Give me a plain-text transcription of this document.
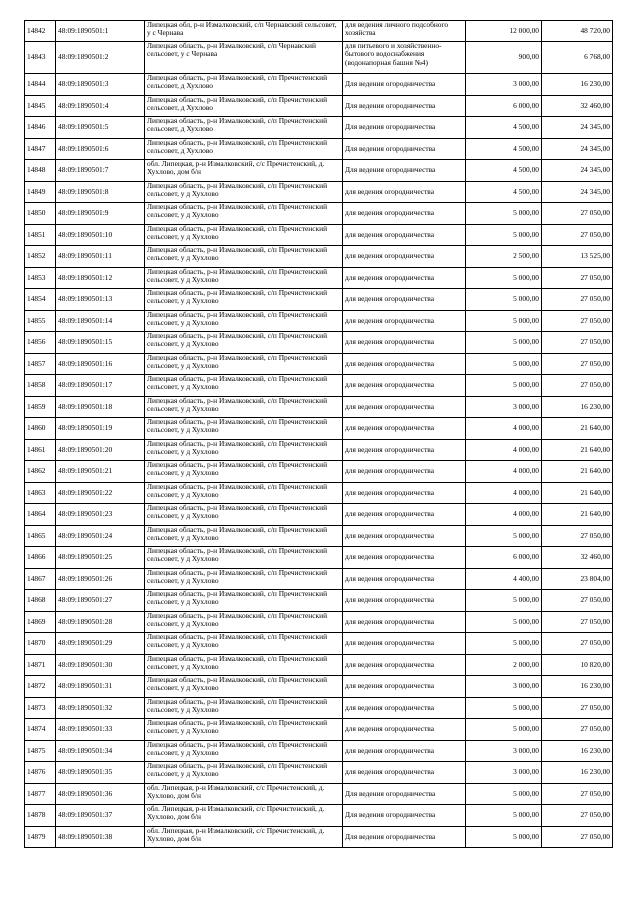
14842	48:09:1890501:1	Липецкая обл, р-н Измалковский, с/п Чернавский сельсовет, у с Чернава	для ведения личного подсобного хозяйства	12 000,00	48 720,00
14843	48:09:1890501:2	Липецкая область, р-н Измалковский, с/п Чернавский сельсовет, у с Чернава	для питьевого и хозяйственно-бытового водоснабжения (водонапорная башня №4)	900,00	6 768,00
14844	48:09:1890501:3	Липецкая область, р-н Измалковский, с/п Пречистенский сельсовет, д Хухлово	Для ведения огородничества	3 000,00	16 230,00
14845	48:09:1890501:4	Липецкая область, р-н Измалковский, с/п Пречистенский сельсовет, д Хухлово	Для ведения огородничества	6 000,00	32 460,00
14846	48:09:1890501:5	Липецкая область, р-н Измалковский, с/п Пречистенский сельсовет, д Хухлово	Для ведения огородничества	4 500,00	24 345,00
14847	48:09:1890501:6	Липецкая область, р-н Измалковский, с/п Пречистенский сельсовет, д Хухлово	Для ведения огородничества	4 500,00	24 345,00
14848	48:09:1890501:7	обл. Липецкая, р-н Измалковский, с/с Пречистенский, д. Хухлово, дом б/н	Для ведения огородничества	4 500,00	24 345,00
14849	48:09:1890501:8	Липецкая область, р-н Измалковский, с/п Пречистенский сельсовет, у д Хухлово	для ведения огородничества	4 500,00	24 345,00
14850	48:09:1890501:9	Липецкая область, р-н Измалковский, с/п Пречистенский сельсовет, у д Хухлово	для ведения огородничества	5 000,00	27 050,00
14851	48:09:1890501:10	Липецкая область, р-н Измалковский, с/п Пречистенский сельсовет, у д Хухлово	для ведения огородничества	5 000,00	27 050,00
14852	48:09:1890501:11	Липецкая область, р-н Измалковский, с/п Пречистенский сельсовет, у д Хухлово	для ведения огородничества	2 500,00	13 525,00
14853	48:09:1890501:12	Липецкая область, р-н Измалковский, с/п Пречистенский сельсовет, у д Хухлово	для ведения огородничества	5 000,00	27 050,00
14854	48:09:1890501:13	Липецкая область, р-н Измалковский, с/п Пречистенский сельсовет, у д Хухлово	для ведения огородничества	5 000,00	27 050,00
14855	48:09:1890501:14	Липецкая область, р-н Измалковский, с/п Пречистенский сельсовет, у д Хухлово	для ведения огородничества	5 000,00	27 050,00
14856	48:09:1890501:15	Липецкая область, р-н Измалковский, с/п Пречистенский сельсовет, у д Хухлово	для ведения огородничества	5 000,00	27 050,00
14857	48:09:1890501:16	Липецкая область, р-н Измалковский, с/п Пречистенский сельсовет, у д Хухлово	для ведения огородничества	5 000,00	27 050,00
14858	48:09:1890501:17	Липецкая область, р-н Измалковский, с/п Пречистенский сельсовет, у д Хухлово	для ведения огородничества	5 000,00	27 050,00
14859	48:09:1890501:18	Липецкая область, р-н Измалковский, с/п Пречистенский сельсовет, у д Хухлово	для ведения огородничества	3 000,00	16 230,00
14860	48:09:1890501:19	Липецкая область, р-н Измалковский, с/п Пречистенский сельсовет, у д Хухлово	для ведения огородничества	4 000,00	21 640,00
14861	48:09:1890501:20	Липецкая область, р-н Измалковский, с/п Пречистенский сельсовет, у д Хухлово	для ведения огородничества	4 000,00	21 640,00
14862	48:09:1890501:21	Липецкая область, р-н Измалковский, с/п Пречистенский сельсовет, у д Хухлово	для ведения огородничества	4 000,00	21 640,00
14863	48:09:1890501:22	Липецкая область, р-н Измалковский, с/п Пречистенский сельсовет, у д Хухлово	для ведения огородничества	4 000,00	21 640,00
14864	48:09:1890501:23	Липецкая область, р-н Измалковский, с/п Пречистенский сельсовет, у д Хухлово	для ведения огородничества	4 000,00	21 640,00
14865	48:09:1890501:24	Липецкая область, р-н Измалковский, с/п Пречистенский сельсовет, у д Хухлово	для ведения огородничества	5 000,00	27 050,00
14866	48:09:1890501:25	Липецкая область, р-н Измалковский, с/п Пречистенский сельсовет, у д Хухлово	для ведения огородничества	6 000,00	32 460,00
14867	48:09:1890501:26	Липецкая область, р-н Измалковский, с/п Пречистенский сельсовет, у д Хухлово	для ведения огородничества	4 400,00	23 804,00
14868	48:09:1890501:27	Липецкая область, р-н Измалковский, с/п Пречистенский сельсовет, у д Хухлово	для ведения огородничества	5 000,00	27 050,00
14869	48:09:1890501:28	Липецкая область, р-н Измалковский, с/п Пречистенский сельсовет, у д Хухлово	для ведения огородничества	5 000,00	27 050,00
14870	48:09:1890501:29	Липецкая область, р-н Измалковский, с/п Пречистенский сельсовет, у д Хухлово	для ведения огородничества	5 000,00	27 050,00
14871	48:09:1890501:30	Липецкая область, р-н Измалковский, с/п Пречистенский сельсовет, у д Хухлово	для ведения огородничества	2 000,00	10 820,00
14872	48:09:1890501:31	Липецкая область, р-н Измалковский, с/п Пречистенский сельсовет, у д Хухлово	для ведения огородничества	3 000,00	16 230,00
14873	48:09:1890501:32	Липецкая область, р-н Измалковский, с/п Пречистенский сельсовет, у д Хухлово	для ведения огородничества	5 000,00	27 050,00
14874	48:09:1890501:33	Липецкая область, р-н Измалковский, с/п Пречистенский сельсовет, у д Хухлово	для ведения огородничества	5 000,00	27 050,00
14875	48:09:1890501:34	Липецкая область, р-н Измалковский, с/п Пречистенский сельсовет, у д Хухлово	для ведения огородничества	3 000,00	16 230,00
14876	48:09:1890501:35	Липецкая область, р-н Измалковский, с/п Пречистенский сельсовет, у д Хухлово	для ведения огородничества	3 000,00	16 230,00
14877	48:09:1890501:36	обл. Липецкая, р-н Измалковский, с/с Пречистенский, д. Хухлово, дом б/н	Для ведения огородничества	5 000,00	27 050,00
14878	48:09:1890501:37	обл. Липецкая, р-н Измалковский, с/с Пречистенский, д. Хухлово, дом б/н	Для ведения огородничества	5 000,00	27 050,00
14879	48:09:1890501:38	обл. Липецкая, р-н Измалковский, с/с Пречистенский, д. Хухлово, дом б/н	Для ведения огородничества	5 000,00	27 050,00
